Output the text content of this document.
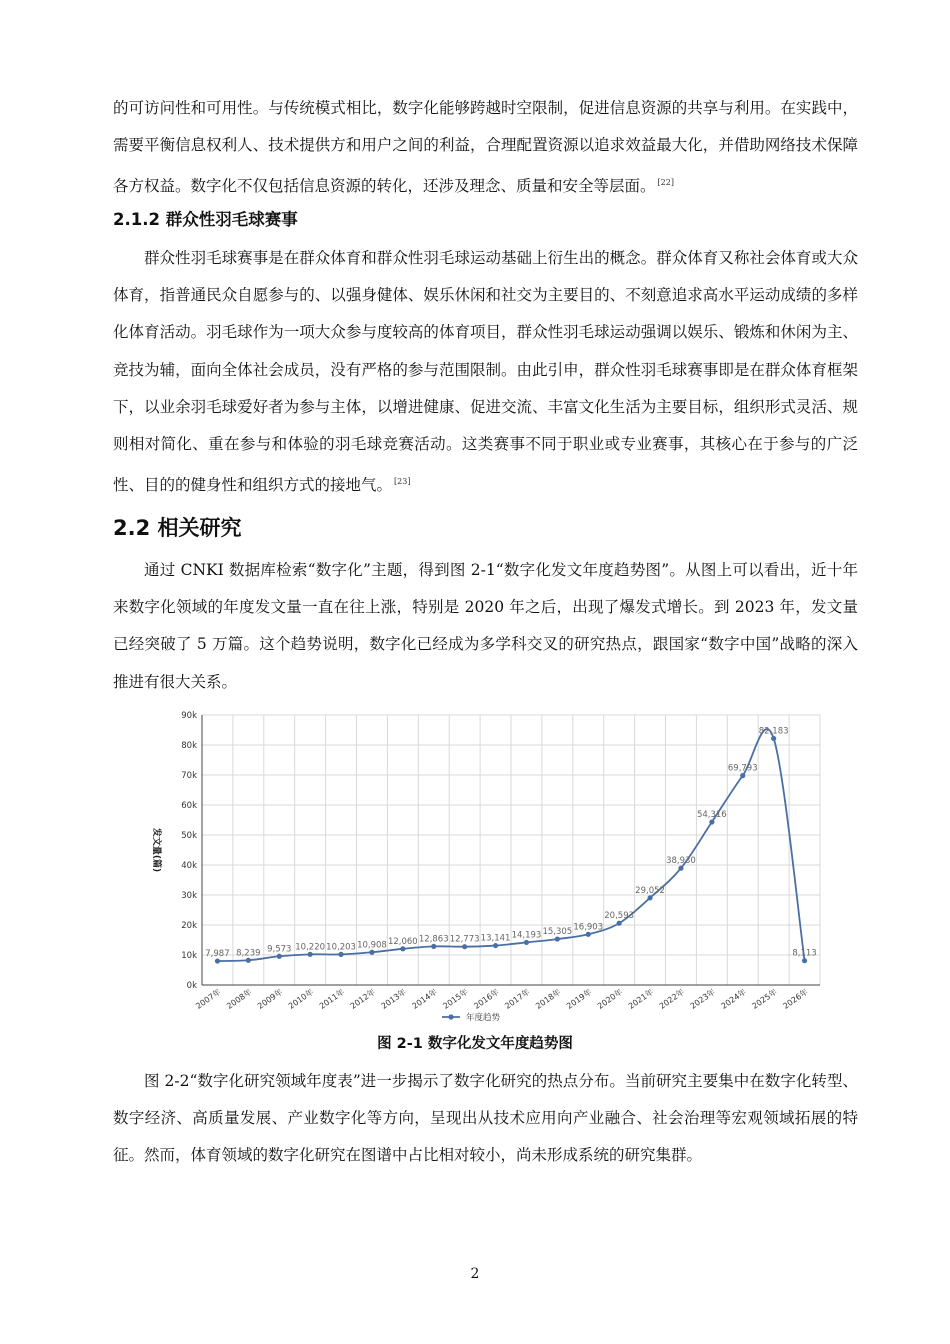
的可访问性和可用性。与传统模式相比，数字化能够跨越时空限制，促进信息资源的共享与利用。在实践中，需要平衡信息权利人、技术提供方和用户之间的利益，合理配置资源以追求效益最大化，并借助网络技术保障各方权益。数字化不仅包括信息资源的转化，还涉及理念、质量和安全等层面。 [22]

2.1.2 群众性羽毛球赛事

群众性羽毛球赛事是在群众体育和群众性羽毛球运动基础上衍生出的概念。群众体育又称社会体育或大众体育，指普通民众自愿参与的、以强身健体、娱乐休闲和社交为主要目的、不刻意追求高水平运动成绩的多样化体育活动。羽毛球作为一项大众参与度较高的体育项目，群众性羽毛球运动强调以娱乐、锻炼和休闲为主、竞技为辅，面向全体社会成员，没有严格的参与范围限制。由此引申，群众性羽毛球赛事即是在群众体育框架下，以业余羽毛球爱好者为参与主体，以增进健康、促进交流、丰富文化生活为主要目标，组织形式灵活、规则相对简化、重在参与和体验的羽毛球竞赛活动。这类赛事不同于职业或专业赛事，其核心在于参与的广泛性、目的的健身性和组织方式的接地气。 [23]

2.2 相关研究

通过 CNKI 数据库检索“数字化”主题，得到图 2-1“数字化发文年度趋势图”。从图上可以看出，近十年来数字化领域的年度发文量一直在往上涨，特别是 2020 年之后，出现了爆发式增长。到 2023 年，发文量已经突破了 5 万篇。这个趋势说明，数字化已经成为多学科交叉的研究热点，跟国家“数字中国”战略的深入推进有很大关系。

0k
10k
20k
30k
40k
50k
60k
70k
80k
90k
发文量(篇)
2007年 2008年 2009年 2010年 2011年 2012年 2013年 2014年 2015年 2016年 2017年 2018年 2019年 2020年 2021年 2022年 2023年 2024年 2025年 2026年
7,987 8,239 9,573 10,220 10,203 10,908 12,060 12,863 12,773 13,141 14,193 15,305 16,903
20,593
29,052
38,930
54,316
69,793
82,183
8,113
年度趋势
图 2-1 数字化发文年度趋势图

图 2-2“数字化研究领域年度表”进一步揭示了数字化研究的热点分布。当前研究主要集中在数字化转型、数字经济、高质量发展、产业数字化等方向，呈现出从技术应用向产业融合、社会治理等宏观领域拓展的特征。然而，体育领域的数字化研究在图谱中占比相对较小，尚未形成系统的研究集群。

2
